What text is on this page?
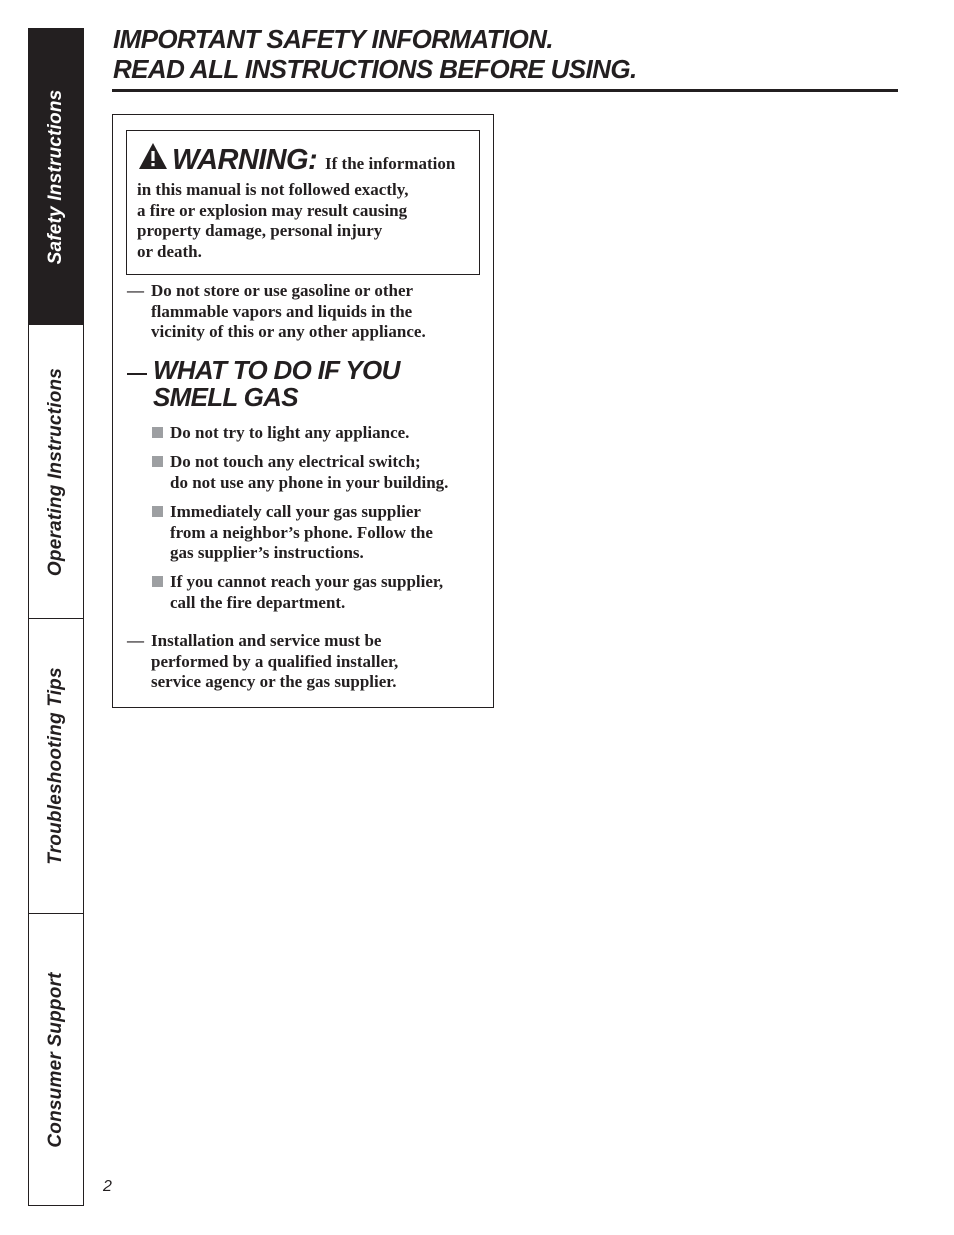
Safety Instructions
Operating Instructions
Troubleshooting Tips
Consumer Support
IMPORTANT SAFETY INFORMATION.
READ ALL INSTRUCTIONS BEFORE USING.
WARNING: If the information
in this manual is not followed exactly,
a fire or explosion may result causing
property damage, personal injury
or death.
— Do not store or use gasoline or other
flammable vapors and liquids in the
vicinity of this or any other appliance.
WHAT TO DO IF YOU
SMELL GAS
Do not try to light any appliance.
Do not touch any electrical switch;
do not use any phone in your building.
Immediately call your gas supplier
from a neighbor’s phone. Follow the
gas supplier’s instructions.
If you cannot reach your gas supplier,
call the fire department.
— Installation and service must be
performed by a qualified installer,
service agency or the gas supplier.
2
